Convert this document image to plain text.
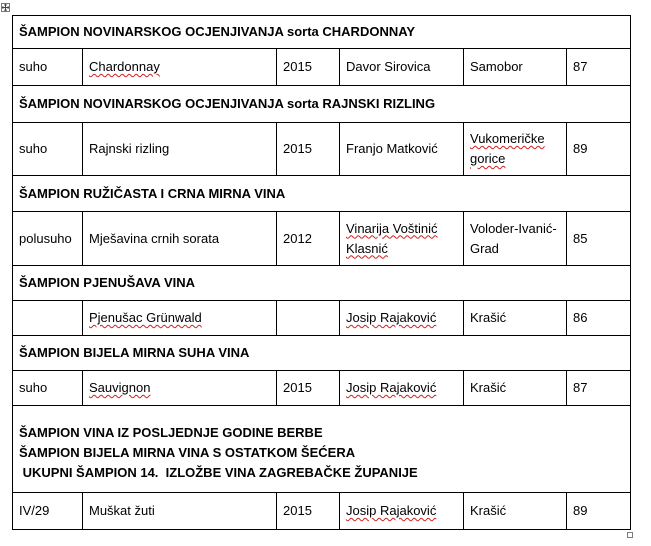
ŠAMPION NOVINARSKOG OCJENJIVANJA sorta CHARDONNAY					
suho	Chardonnay	2015	Davor Sirovica	Samobor	87
ŠAMPION NOVINARSKOG OCJENJIVANJA sorta RAJNSKI RIZLING					
suho	Rajnski rizling	2015	Franjo Matković	Vukomeričke gorice	89
ŠAMPION RUŽIČASTA I CRNA MIRNA VINA					
polusuho	Mješavina crnih sorata	2012	Vinarija Voštinić Klasnić	Voloder-Ivanić-Grad	85
ŠAMPION PJENUŠAVA VINA					
	Pjenušac Grünwald		Josip Rajaković	Krašić	86
ŠAMPION BIJELA MIRNA SUHA VINA					
suho	Sauvignon	2015	Josip Rajaković	Krašić	87

ŠAMPION VINA IZ POSLJEDNJE GODINE BERBE
ŠAMPION BIJELA MIRNA VINA S OSTATKOM ŠEĆERA
UKUPNI ŠAMPION 14.  IZLOŽBE VINA ZAGREBAČKE ŽUPANIJE					

IV/29	Muškat žuti	2015	Josip Rajaković	Krašić	89
